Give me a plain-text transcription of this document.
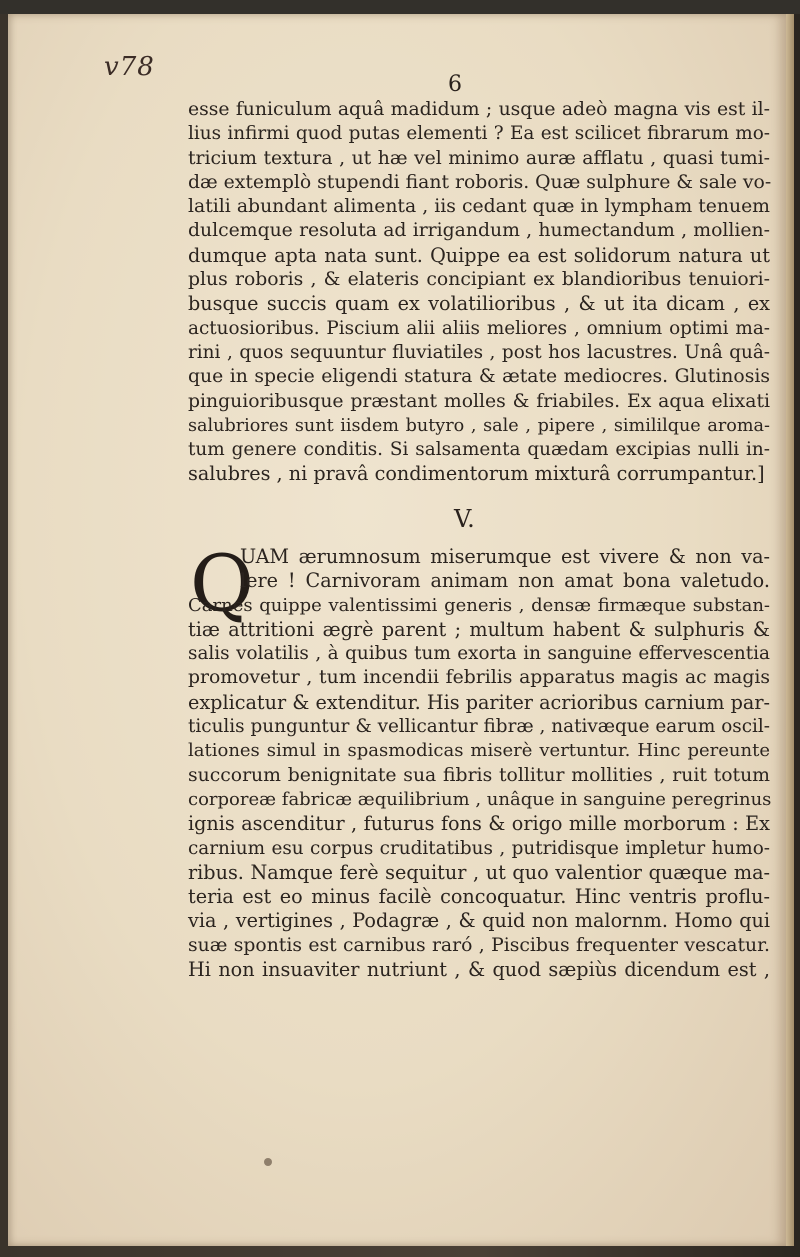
v78
6
esse funiculum aquâ madidum ; usque adeò magna vis est il-
lius infirmi quod putas elementi ? Ea est scilicet fibrarum mo-
tricium textura , ut hæ vel minimo auræ afflatu , quasi tumi-
dæ extemplò stupendi fiant roboris. Quæ sulphure & sale vo-
latili abundant alimenta , iis cedant quæ in lympham tenuem
dulcemque resoluta ad irrigandum , humectandum , mollien-
dumque apta nata sunt. Quippe ea est solidorum natura ut
plus roboris , & elateris concipiant ex blandioribus tenuiori-
busque succis quam ex volatilioribus , & ut ita dicam , ex
actuosioribus. Piscium alii aliis meliores , omnium optimi ma-
rini , quos sequuntur fluviatiles , post hos lacustres. Unâ quâ-
que in specie eligendi statura & ætate mediocres. Glutinosis
pinguioribusque præstant molles & friabiles. Ex aqua elixati
salubriores sunt iisdem butyro , sale , pipere , simililque aroma-
tum genere conditis. Si salsamenta quædam excipias nulli in-
salubres , ni pravâ condimentorum mixturâ corrumpantur.]
V.
Q
UAM ærumnosum miserumque est vivere & non va-
lere ! Carnivoram animam non amat bona valetudo.
Carnes quippe valentissimi generis , densæ firmæque substan-
tiæ attritioni ægrè parent ; multum habent & sulphuris &
salis volatilis , à quibus tum exorta in sanguine effervescentia
promovetur , tum incendii febrilis apparatus magis ac magis
explicatur & extenditur. His pariter acrioribus carnium par-
ticulis punguntur & vellicantur fibræ , nativæque earum oscil-
lationes simul in spasmodicas miserè vertuntur. Hinc pereunte
succorum benignitate sua fibris tollitur mollities , ruit totum
corporeæ fabricæ æquilibrium , unâque in sanguine peregrinus
ignis ascenditur , futurus fons & origo mille morborum : Ex
carnium esu corpus cruditatibus , putridisque impletur humo-
ribus. Namque ferè sequitur , ut quo valentior quæque ma-
teria est eo minus facilè concoquatur. Hinc ventris proflu-
via , vertigines , Podagræ , & quid non malornm. Homo qui
suæ spontis est carnibus raró , Piscibus frequenter vescatur.
Hi non insuaviter nutriunt , & quod sæpiùs dicendum est ,
